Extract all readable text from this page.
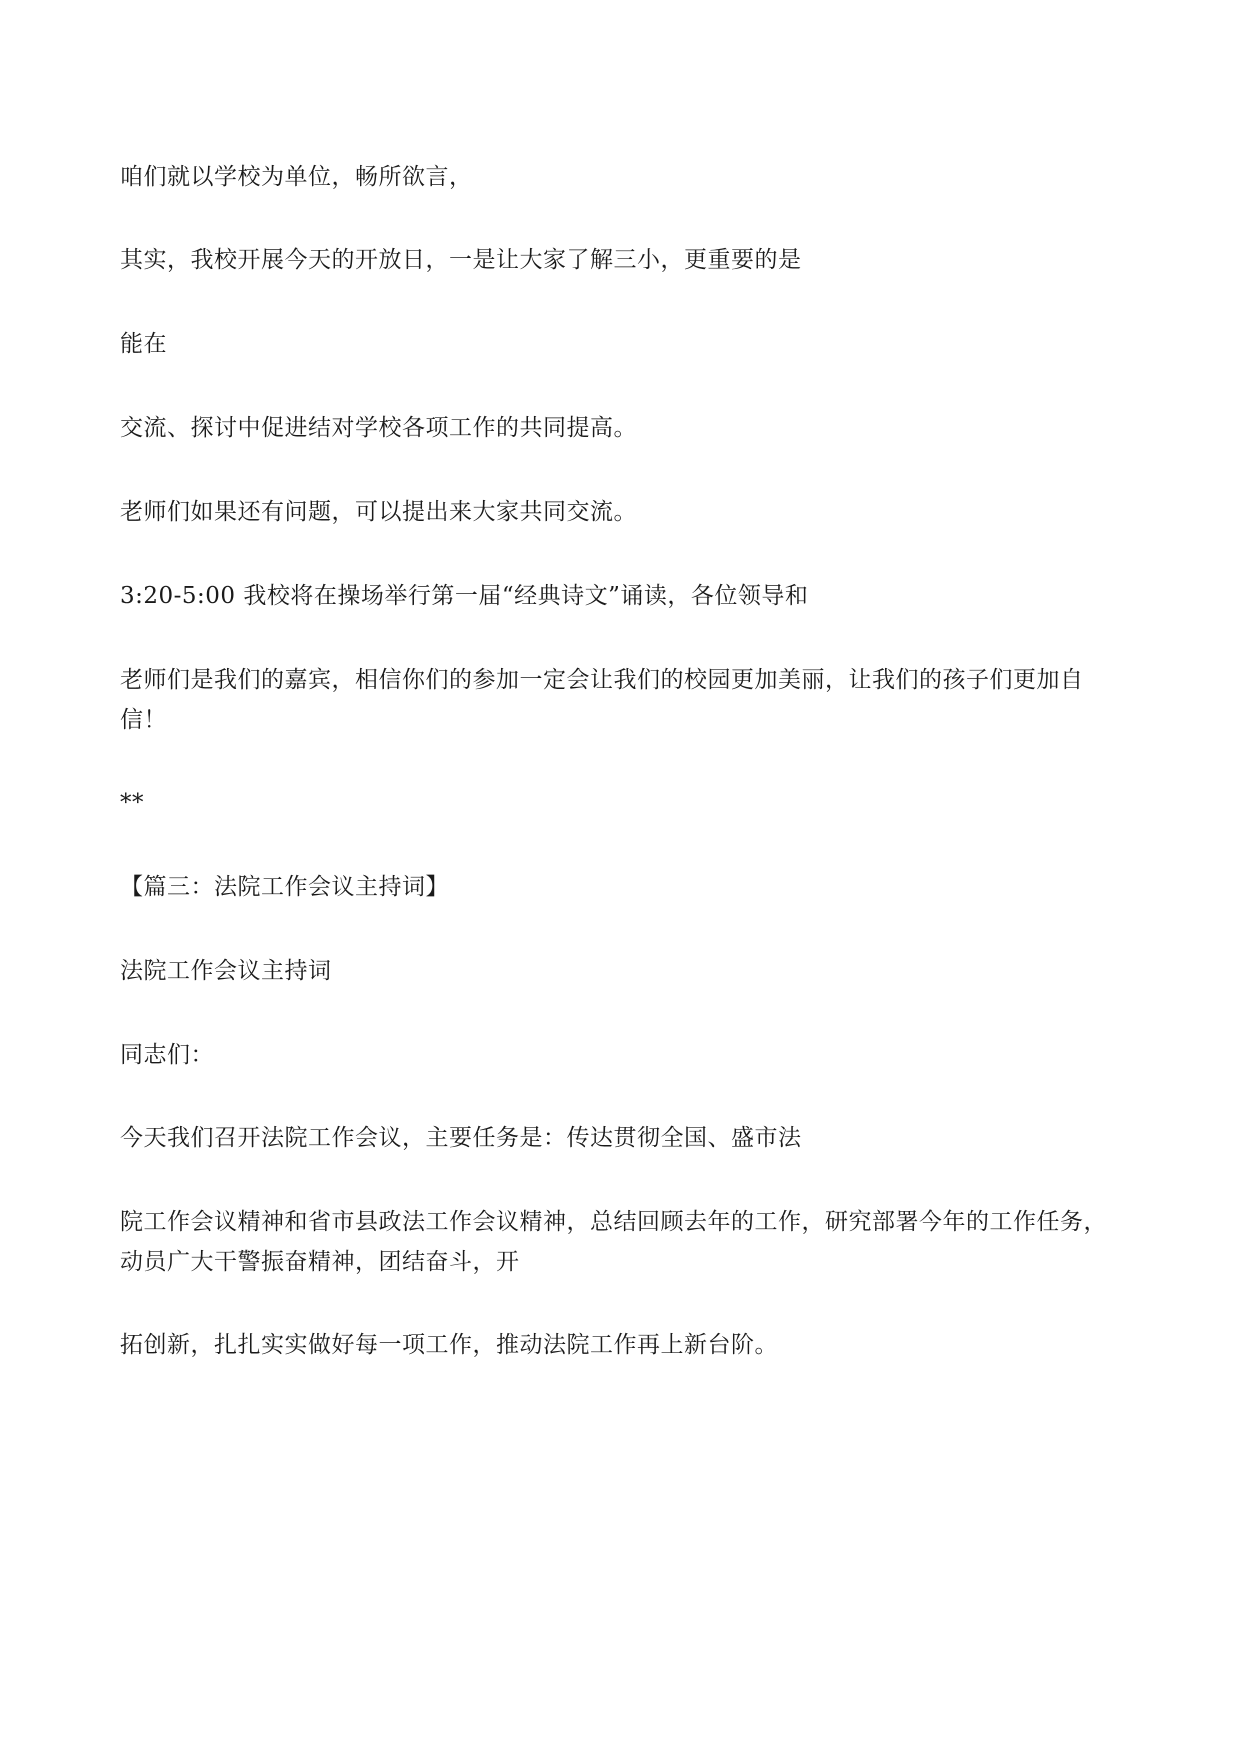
咱们就以学校为单位，畅所欲言，

其实，我校开展今天的开放日，一是让大家了解三小，更重要的是

能在

交流、探讨中促进结对学校各项工作的共同提高。

老师们如果还有问题，可以提出来大家共同交流。

3:20-5:00 我校将在操场举行第一届“经典诗文”诵读，各位领导和

老师们是我们的嘉宾，相信你们的参加一定会让我们的校园更加美丽，让我们的孩子们更加自信！

**

【篇三：法院工作会议主持词】

法院工作会议主持词

同志们：

今天我们召开法院工作会议，主要任务是：传达贯彻全国、盛市法

院工作会议精神和省市县政法工作会议精神，总结回顾去年的工作，研究部署今年的工作任务，动员广大干警振奋精神，团结奋斗，开

拓创新，扎扎实实做好每一项工作，推动法院工作再上新台阶。
